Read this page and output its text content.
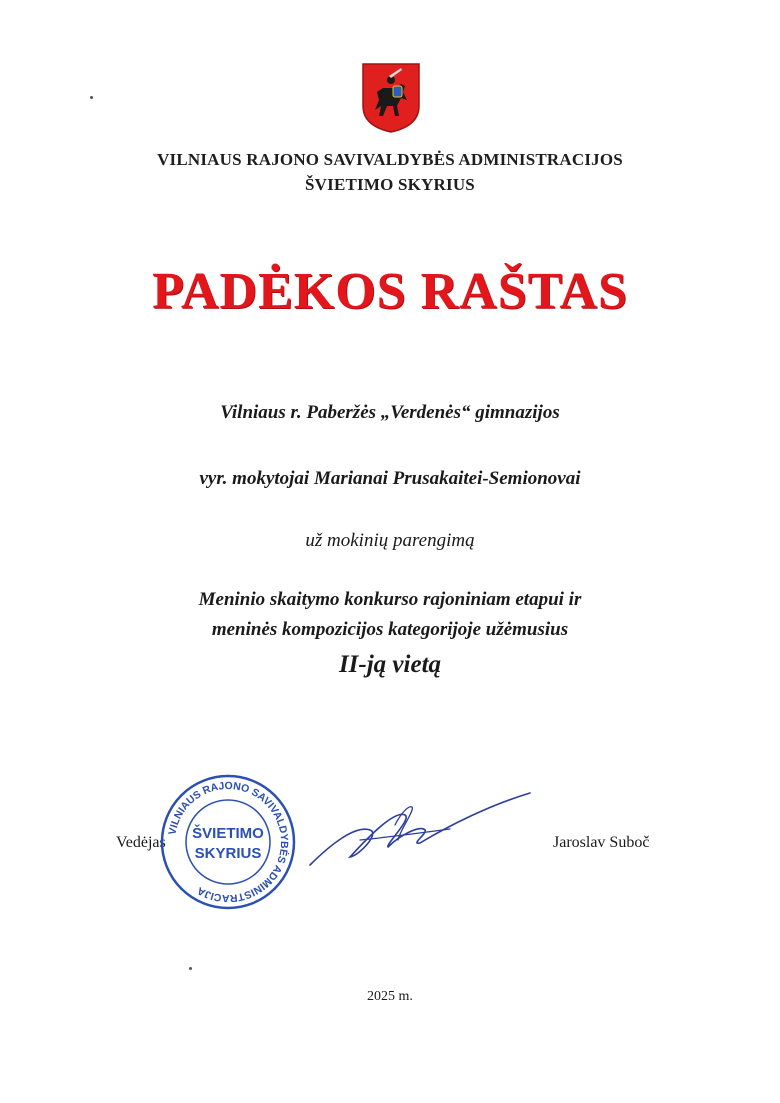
VILNIAUS RAJONO SAVIVALDYBĖS ADMINISTRACIJOS
ŠVIETIMO SKYRIUS
PADĖKOS RAŠTAS
Vilniaus r. Paberžės „Verdenės“ gimnazijos
vyr. mokytojai Marianai Prusakaitei-Semionovai
už mokinių parengimą
Meninio skaitymo konkurso rajoniniam etapui ir
meninės kompozicijos kategorijoje užėmusius
II-ją vietą
Vedėjas	Jaroslav Suboč
VILNIAUS RAJONO SAVIVALDYBĖS ADMINISTRACIJA
ŠVIETIMO
SKYRIUS
2025 m.
